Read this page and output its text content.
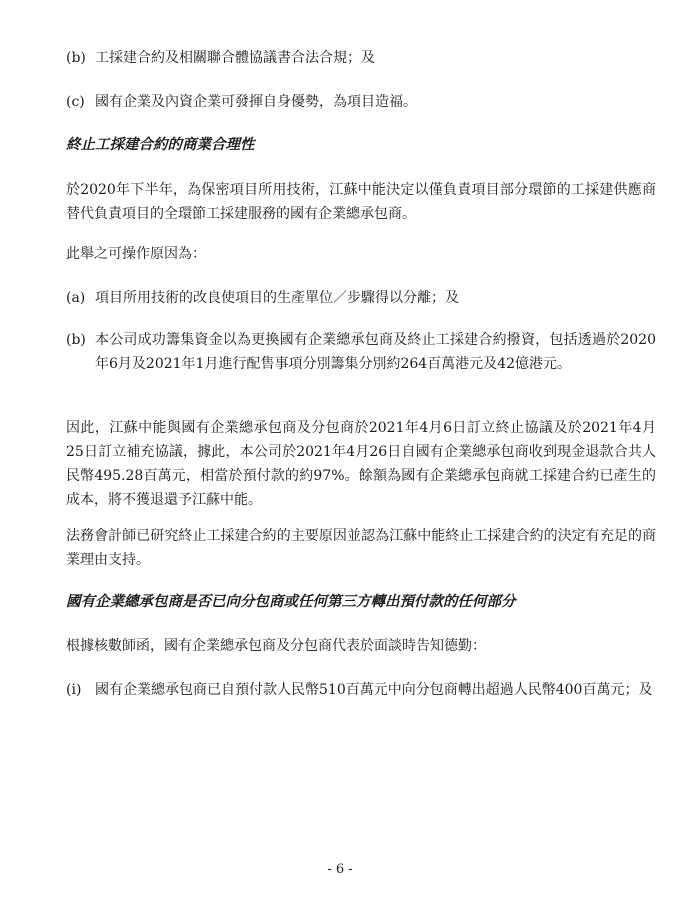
(b) 工採建合約及相關聯合體協議書合法合規；及
(c) 國有企業及內資企業可發揮自身優勢，為項目造福。
終止工採建合約的商業合理性
於2020年下半年，為保密項目所用技術，江蘇中能決定以僅負責項目部分環節的工採建供應商替代負責項目的全環節工採建服務的國有企業總承包商。
此舉之可操作原因為：
(a) 項目所用技術的改良使項目的生產單位／步驟得以分離；及
(b) 本公司成功籌集資金以為更換國有企業總承包商及終止工採建合約撥資，包括透過於2020年6月及2021年1月進行配售事項分別籌集分別約264百萬港元及42億港元。
因此，江蘇中能與國有企業總承包商及分包商於2021年4月6日訂立終止協議及於2021年4月25日訂立補充協議，據此，本公司於2021年4月26日自國有企業總承包商收到現金退款合共人民幣495.28百萬元，相當於預付款的約97%。餘額為國有企業總承包商就工採建合約已產生的成本，將不獲退還予江蘇中能。
法務會計師已研究終止工採建合約的主要原因並認為江蘇中能終止工採建合約的決定有充足的商業理由支持。
國有企業總承包商是否已向分包商或任何第三方轉出預付款的任何部分
根據核數師函，國有企業總承包商及分包商代表於面談時告知德勤：
(i) 國有企業總承包商已自預付款人民幣510百萬元中向分包商轉出超過人民幣400百萬元；及
- 6 -
